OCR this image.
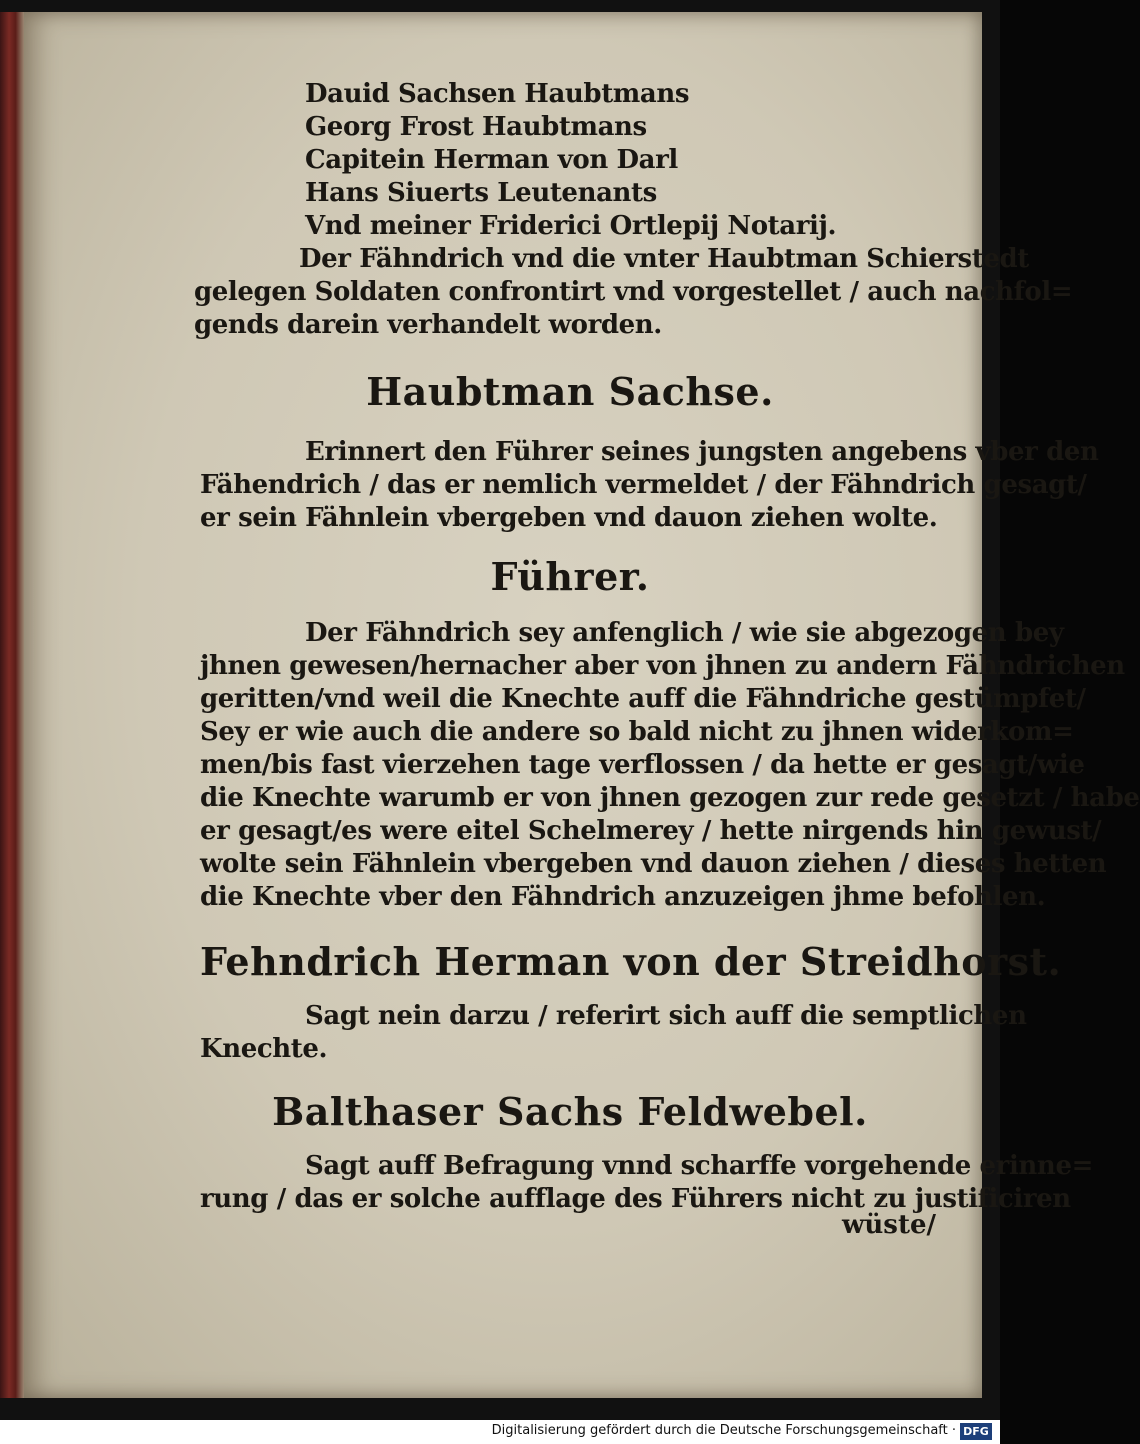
Dauid Sachsen Haubtmans
Georg Frost Haubtmans
Capitein Herman von Darl
Hans Siuerts Leutenants
Vnd meiner Friderici Ortlepij Notarij.
Der Fähndrich vnd die vnter Haubtman Schierstedt
gelegen Soldaten confrontirt vnd vorgestellet / auch nachfol=
gends darein verhandelt worden.
Haubtman Sachse.
Erinnert den Führer seines jungsten angebens vber den
Fähendrich / das er nemlich vermeldet / der Fähndrich gesagt/
er sein Fähnlein vbergeben vnd dauon ziehen wolte.
Führer.
Der Fähndrich sey anfenglich / wie sie abgezogen bey
jhnen gewesen/hernacher aber von jhnen zu andern Fähndrichen
geritten/vnd weil die Knechte auff die Fähndriche gestümpfet/
Sey er wie auch die andere so bald nicht zu jhnen widerkom=
men/bis fast vierzehen tage verflossen / da hette er gesagt/wie
die Knechte warumb er von jhnen gezogen zur rede gesetzt / habe
er gesagt/es were eitel Schelmerey / hette nirgends hin gewust/
wolte sein Fähnlein vbergeben vnd dauon ziehen / dieses hetten
die Knechte vber den Fähndrich anzuzeigen jhme befohlen.
Fehndrich Herman von der Streidhorst.
Sagt nein darzu / referirt sich auff die semptlichen
Knechte.
Balthaser Sachs Feldwebel.
Sagt auff Befragung vnnd scharffe vorgehende erinne=
rung / das er solche aufflage des Führers nicht zu justificiren
wüste/
Digitalisierung gefördert durch die Deutsche Forschungsgemeinschaft · DFG
